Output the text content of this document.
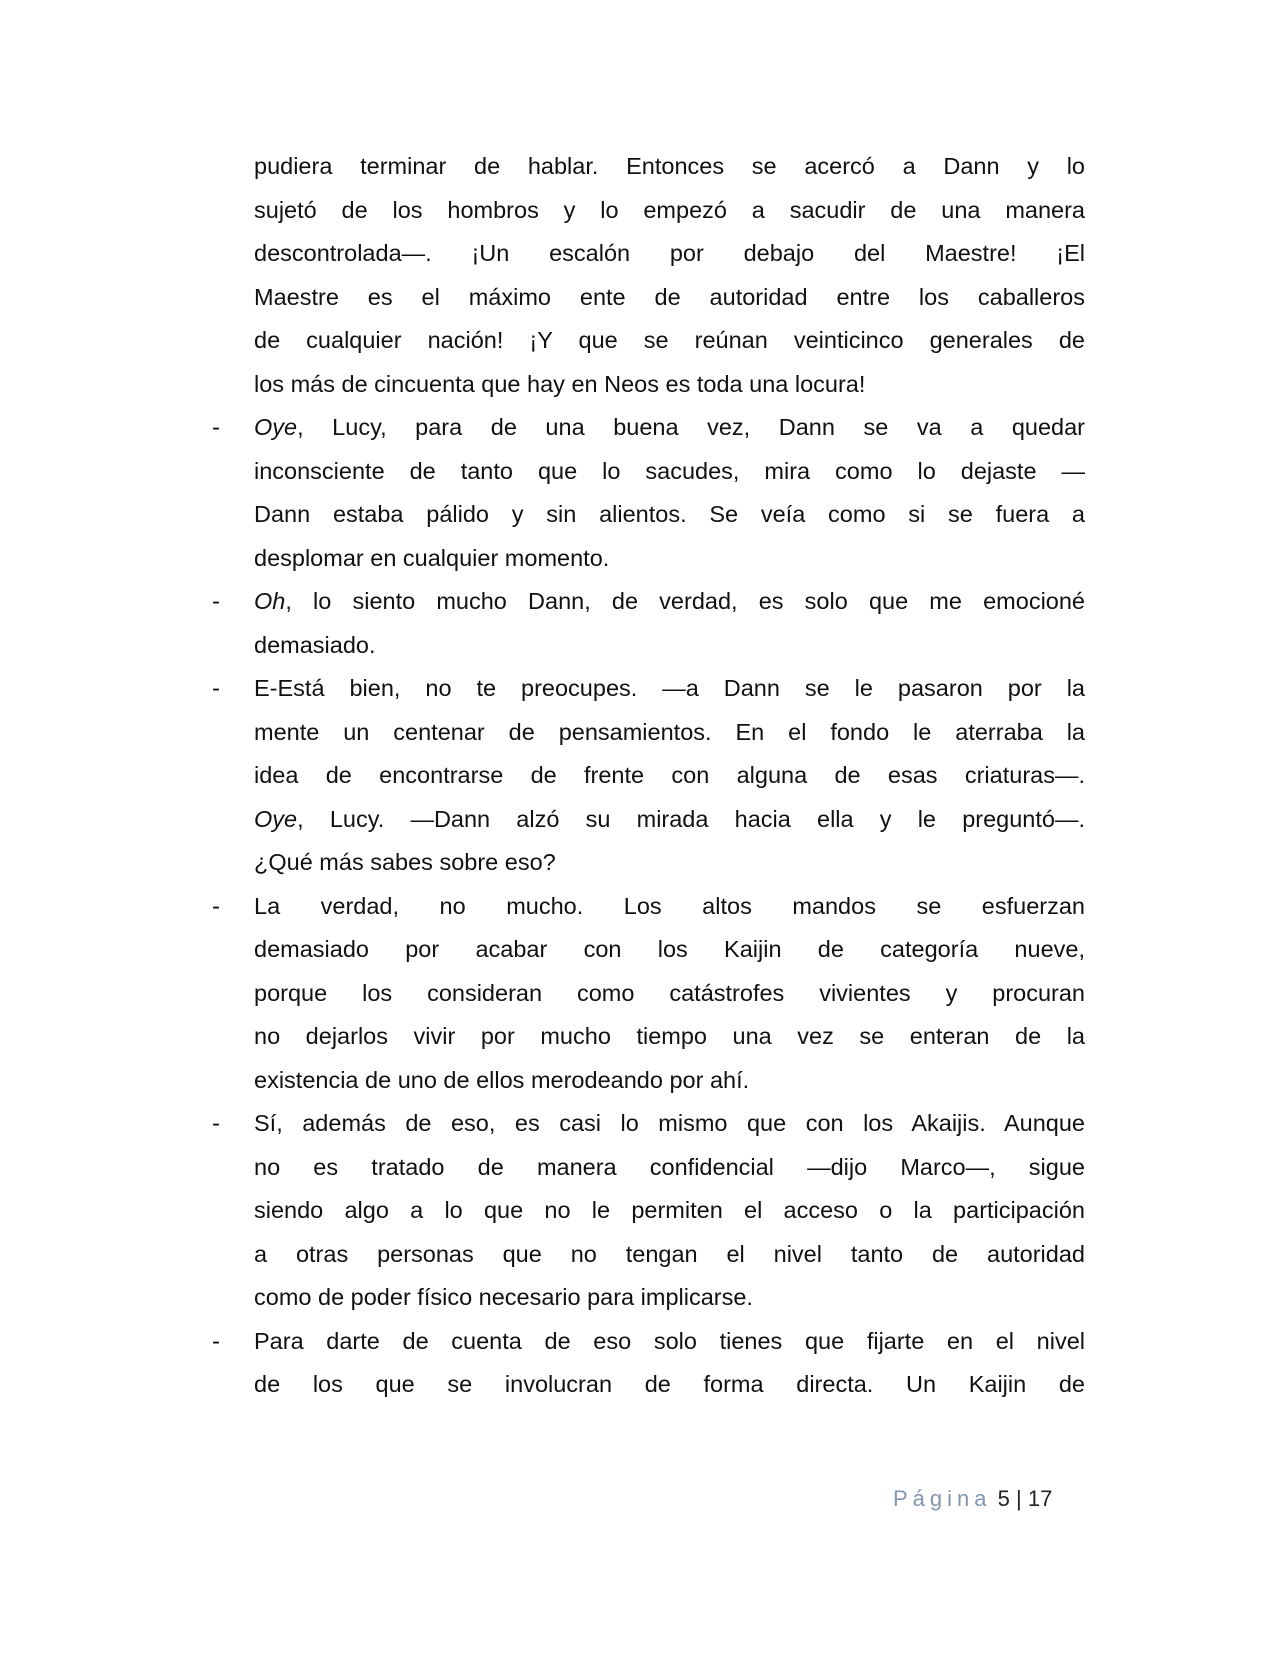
pudiera terminar de hablar. Entonces se acercó a Dann y lo
sujetó de los hombros y lo empezó a sacudir de una manera
descontrolada—. ¡Un escalón por debajo del Maestre! ¡El
Maestre es el máximo ente de autoridad entre los caballeros
de cualquier nación! ¡Y que se reúnan veinticinco generales de
los más de cincuenta que hay en Neos es toda una locura!
- Oye, Lucy, para de una buena vez, Dann se va a quedar
inconsciente de tanto que lo sacudes, mira como lo dejaste —
Dann estaba pálido y sin alientos. Se veía como si se fuera a
desplomar en cualquier momento.
- Oh, lo siento mucho Dann, de verdad, es solo que me emocioné
demasiado.
- E-Está bien, no te preocupes. —a Dann se le pasaron por la
mente un centenar de pensamientos. En el fondo le aterraba la
idea de encontrarse de frente con alguna de esas criaturas—.
Oye, Lucy. —Dann alzó su mirada hacia ella y le preguntó—.
¿Qué más sabes sobre eso?
- La verdad, no mucho. Los altos mandos se esfuerzan
demasiado por acabar con los Kaijin de categoría nueve,
porque los consideran como catástrofes vivientes y procuran
no dejarlos vivir por mucho tiempo una vez se enteran de la
existencia de uno de ellos merodeando por ahí.
- Sí, además de eso, es casi lo mismo que con los Akaijis. Aunque
no es tratado de manera confidencial —dijo Marco—, sigue
siendo algo a lo que no le permiten el acceso o la participación
a otras personas que no tengan el nivel tanto de autoridad
como de poder físico necesario para implicarse.
- Para darte de cuenta de eso solo tienes que fijarte en el nivel
de los que se involucran de forma directa. Un Kaijin de
Página 5 | 17
